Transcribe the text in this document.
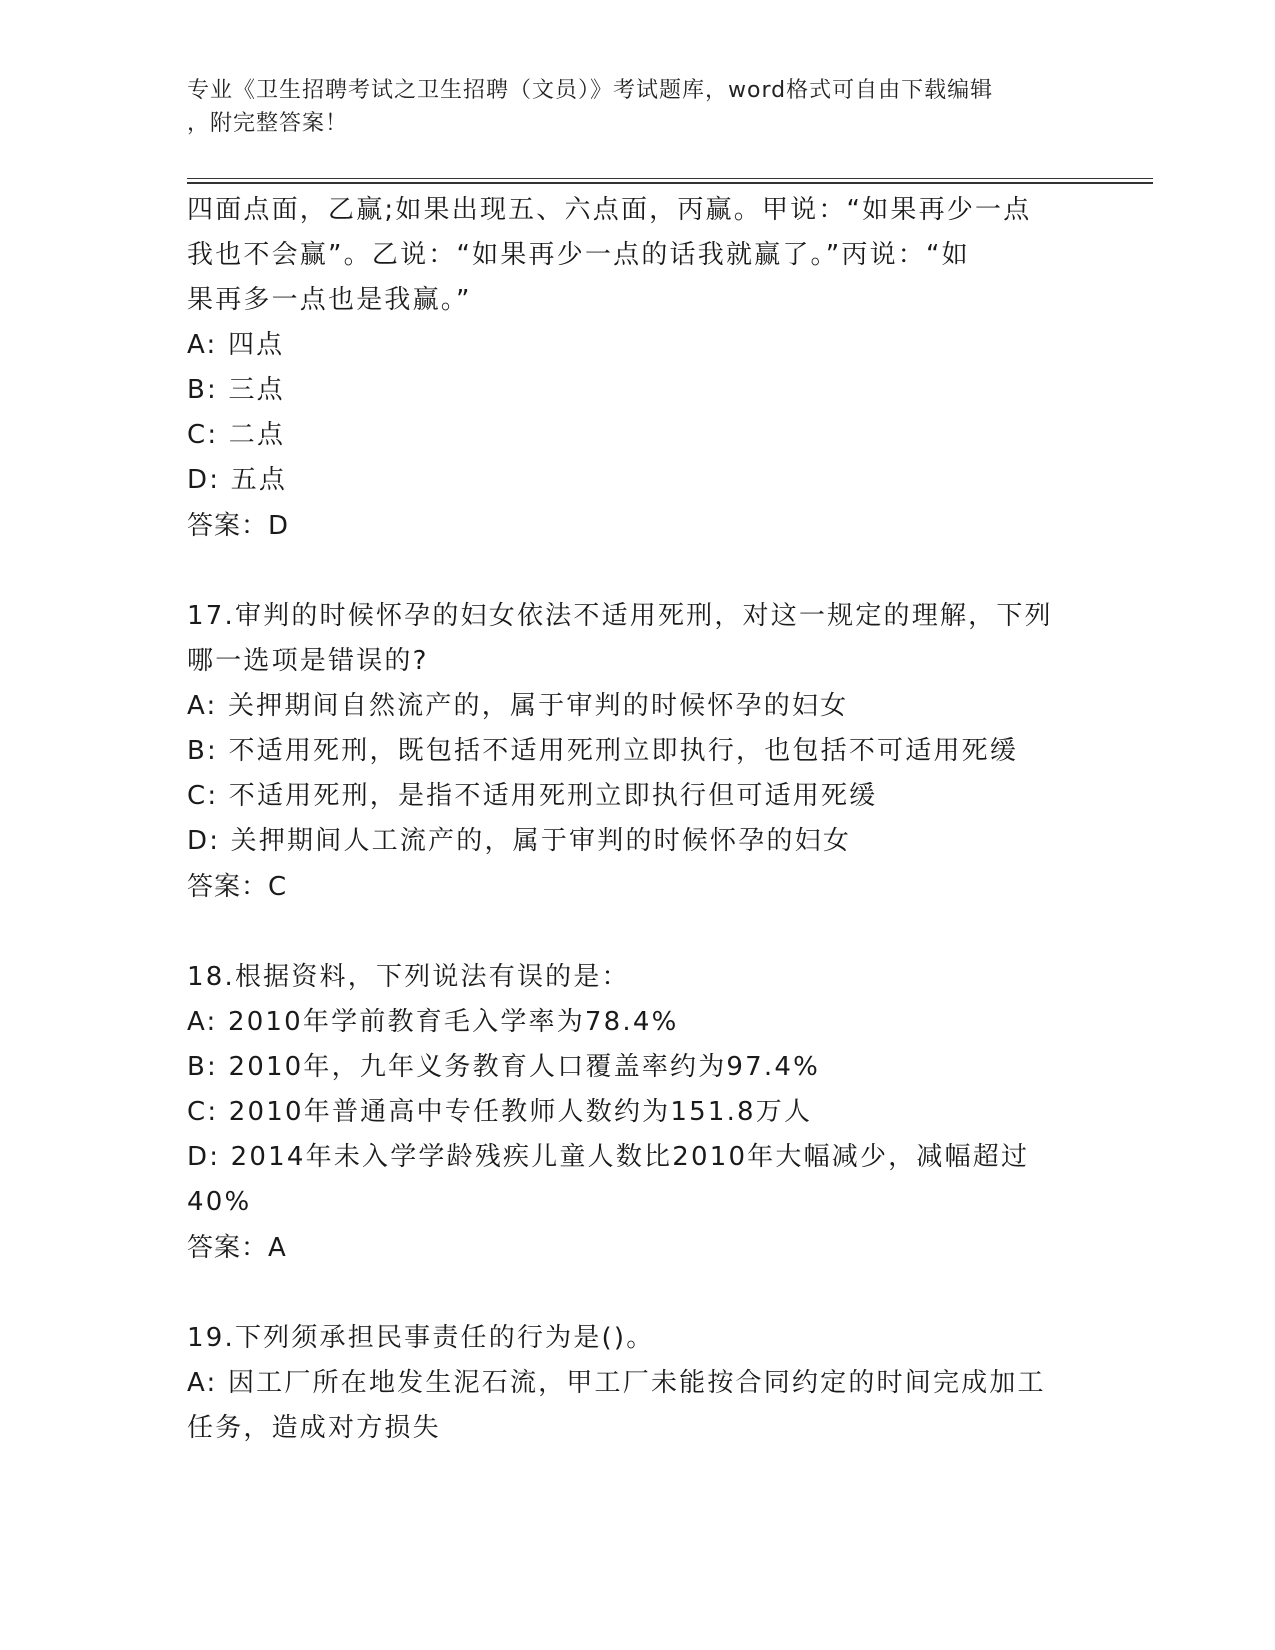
专业《卫生招聘考试之卫生招聘（文员）》考试题库，word格式可自由下载编辑
，附完整答案！
四面点面，乙赢;如果出现五、六点面，丙赢。甲说：“如果再少一点
我也不会赢”。乙说：“如果再少一点的话我就赢了。”丙说：“如
果再多一点也是我赢。”
A: 四点
B: 三点
C: 二点
D: 五点
答案：D
17.审判的时候怀孕的妇女依法不适用死刑，对这一规定的理解，下列
哪一选项是错误的?
A: 关押期间自然流产的，属于审判的时候怀孕的妇女
B: 不适用死刑，既包括不适用死刑立即执行，也包括不可适用死缓
C: 不适用死刑，是指不适用死刑立即执行但可适用死缓
D: 关押期间人工流产的，属于审判的时候怀孕的妇女
答案：C
18.根据资料，下列说法有误的是：
A: 2010年学前教育毛入学率为78.4%
B: 2010年，九年义务教育人口覆盖率约为97.4%
C: 2010年普通高中专任教师人数约为151.8万人
D: 2014年未入学学龄残疾儿童人数比2010年大幅减少，减幅超过
40%
答案：A
19.下列须承担民事责任的行为是()。
A: 因工厂所在地发生泥石流，甲工厂未能按合同约定的时间完成加工
任务，造成对方损失
